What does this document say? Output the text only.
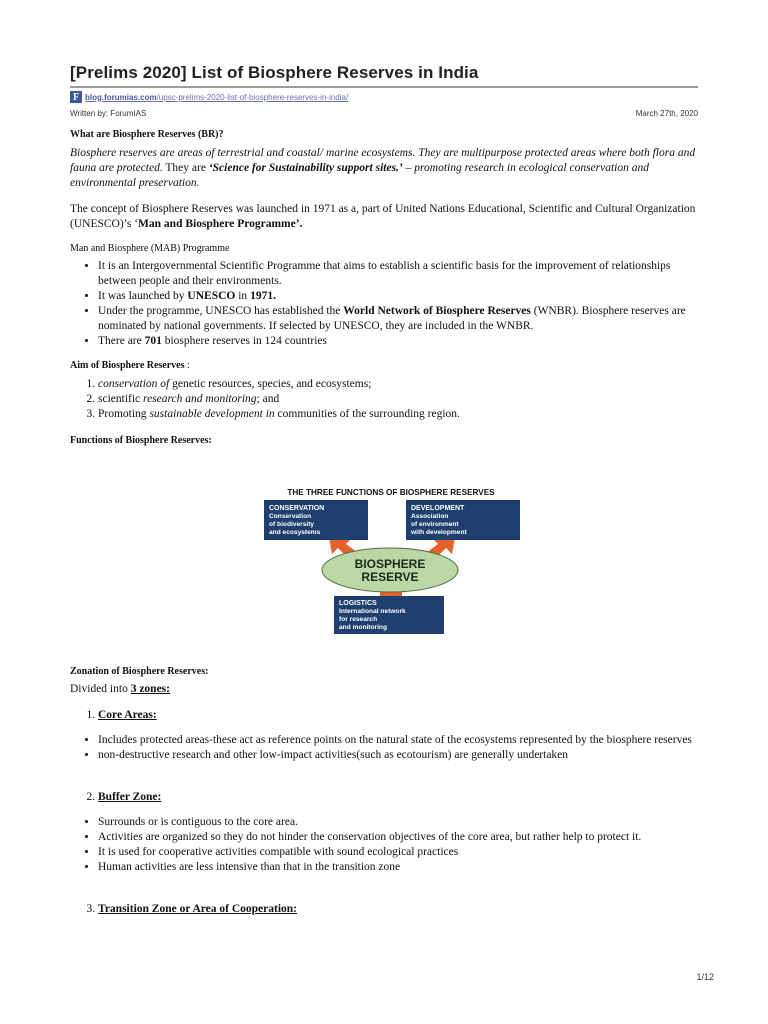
[Prelims 2020] List of Biosphere Reserves in India
F blog.forumias.com/upsc-prelims-2020-list-of-biosphere-reserves-in-india/
Written by: ForumIAS	March 27th, 2020
What are Biosphere Reserves (BR)?
Biosphere reserves are areas of terrestrial and coastal/ marine ecosystems. They are multipurpose protected areas where both flora and fauna are protected. They are ‘Science for Sustainability support sites.’ – promoting research in ecological conservation and environmental preservation.
The concept of Biosphere Reserves was launched in 1971 as a, part of United Nations Educational, Scientific and Cultural Organization (UNESCO)’s ‘Man and Biosphere Programme’.
Man and Biosphere (MAB) Programme
• It is an Intergovernmental Scientific Programme that aims to establish a scientific basis for the improvement of relationships between people and their environments.
• It was launched by UNESCO in 1971.
• Under the programme, UNESCO has established the World Network of Biosphere Reserves (WNBR). Biosphere reserves are nominated by national governments. If selected by UNESCO, they are included in the WNBR.
• There are 701 biosphere reserves in 124 countries
Aim of Biosphere Reserves :
1. conservation of genetic resources, species, and ecosystems;
2. scientific research and monitoring; and
3. Promoting sustainable development in communities of the surrounding region.
Functions of Biosphere Reserves:
THE THREE FUNCTIONS OF BIOSPHERE RESERVES
CONSERVATION
Conservation
of biodiversity
and ecosystems
DEVELOPMENT
Association
of environment
with development
BIOSPHERE
RESERVE
LOGISTICS
International network
for research
and monitoring
Zonation of Biosphere Reserves:
Divided into 3 zones:
1. Core Areas:
• Includes protected areas-these act as reference points on the natural state of the ecosystems represented by the biosphere reserves
• non-destructive research and other low-impact activities(such as ecotourism) are generally undertaken
2. Buffer Zone:
• Surrounds or is contiguous to the core area.
• Activities are organized so they do not hinder the conservation objectives of the core area, but rather help to protect it.
• It is used for cooperative activities compatible with sound ecological practices
• Human activities are less intensive than that in the transition zone
3. Transition Zone or Area of Cooperation:
1/12
